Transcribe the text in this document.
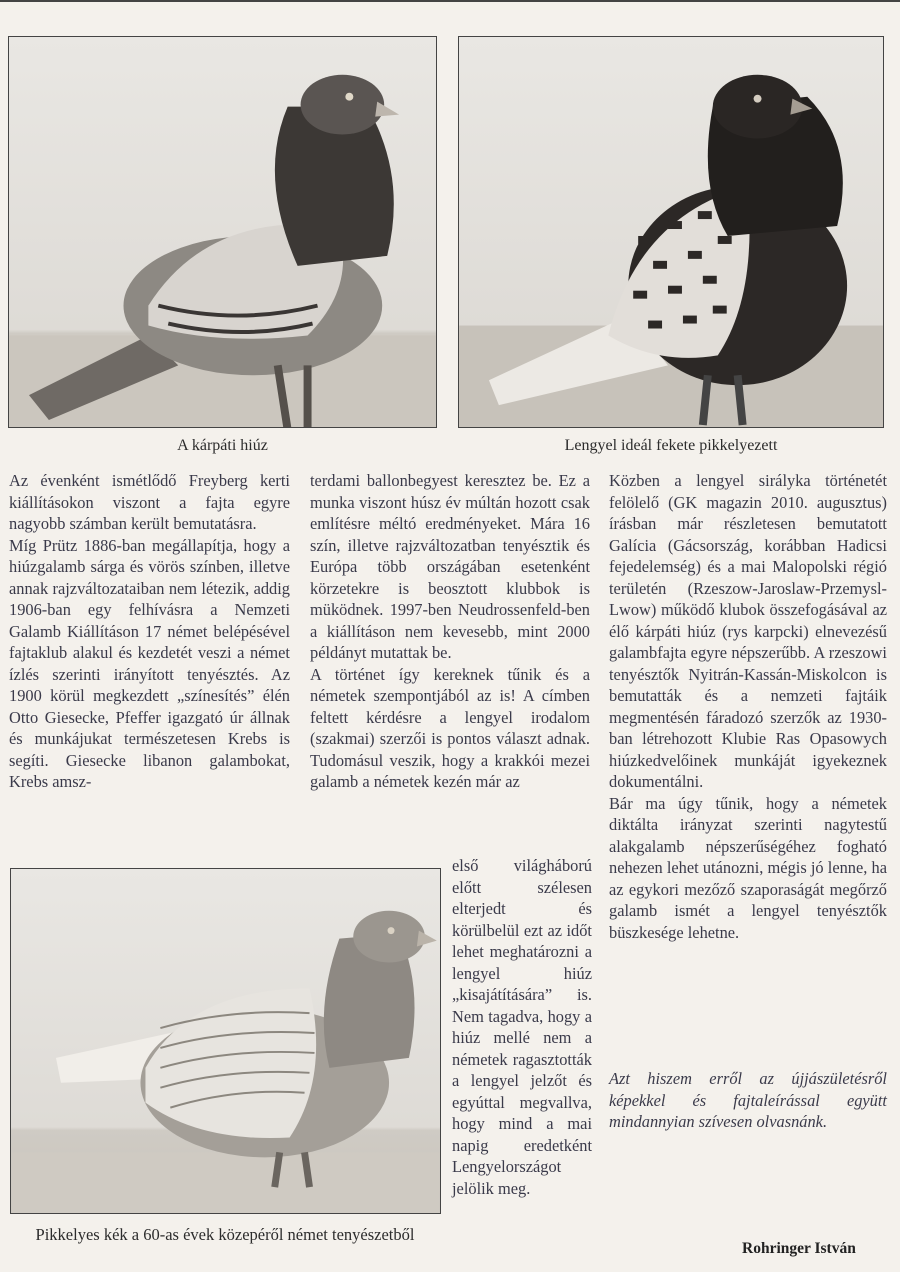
A kárpáti hiúz	Lengyel ideál fekete pikkelyezett

Az évenként ismétlődő Freyberg kerti kiállításokon viszont a fajta egyre nagyobb számban került bemutatásra.

Míg Prütz 1886-ban megállapítja, hogy a hiúzgalamb sárga és vörös színben, illetve annak rajzváltozataiban nem létezik, addig 1906-ban egy felhívásra a Nemzeti Galamb Kiállításon 17 német belépésével fajtaklub alakul és kezdetét veszi a német ízlés szerinti irányított tenyésztés. Az 1900 körül megkezdett „színesítés” élén Otto Giesecke, Pfeffer igazgató úr állnak és munkájukat természetesen Krebs is segíti. Giesecke libanon galambokat, Krebs amsz-

terdami ballonbegyest keresztez be. Ez a munka viszont húsz év múltán hozott csak említésre méltó eredményeket. Mára 16 szín, illetve rajzváltozatban tenyésztik és Európa több országában esetenként körzetekre is beosztott klubbok is müködnek. 1997-ben Neudrossenfeld-ben a kiállításon nem kevesebb, mint 2000 példányt mutattak be.

A történet így kereknek tűnik és a németek szempontjából az is! A címben feltett kérdésre a lengyel irodalom (szakmai) szerzői is pontos választ adnak. Tudomásul veszik, hogy a krakkói mezei galamb a németek kezén már az

Pikkelyes kék a 60-as évek közepéről német tenyészetből
első világháború előtt szélesen elterjedt és körülbelül ezt az időt lehet meghatározni a lengyel hiúz „kisajátítására” is. Nem tagadva, hogy a hiúz mellé nem a németek ragasztották a lengyel jelzőt és egyúttal megvallva, hogy mind a mai napig eredetként Lengyelországot jelölik meg.

Közben a lengyel sirályka történetét felölelő (GK magazin 2010. augusztus) írásban már részletesen bemutatott Galícia (Gácsország, korábban Hadicsi fejedelemség) és a mai Malopolski régió területén (Rzeszow-Jaroslaw-Przemysl-Lwow) működő klubok összefogásával az élő kárpáti hiúz (rys karpcki) elnevezésű galambfajta egyre népszerűbb. A rzeszowi tenyésztők Nyitrán-Kassán-Miskolcon is bemutatták és a nemzeti fajtáik megmentésén fáradozó szerzők az 1930-ban létrehozott Klubie Ras Opasowych hiúzkedvelőinek munkáját igyekeznek dokumentálni.

Bár ma úgy tűnik, hogy a németek diktálta irányzat szerinti nagytestű alakgalamb népszerűségéhez fogható nehezen lehet utánozni, mégis jó lenne, ha az egykori mezőző szaporaságát megőrző galamb ismét a lengyel tenyésztők büszkesége lehetne.

Azt hiszem erről az újjászületésről képekkel és fajtaleírással együtt mindannyian szívesen olvasnánk.
Rohringer István
